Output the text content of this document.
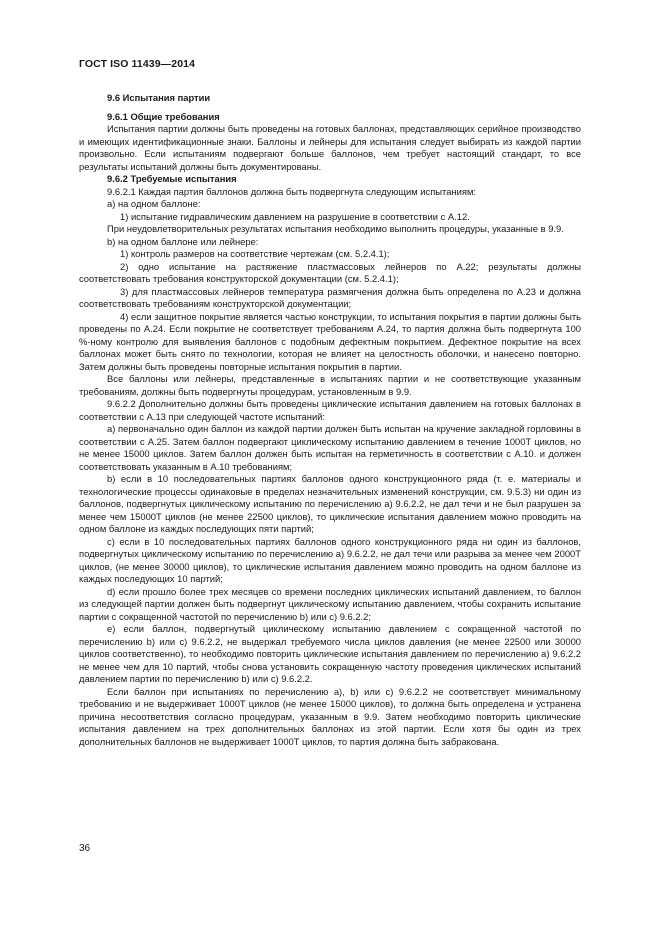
ГОСТ ISO 11439—2014

9.6 Испытания партии

9.6.1 Общие требования

Испытания партии должны быть проведены на готовых баллонах, представляющих серийное производство и имеющих идентификационные знаки. Баллоны и лейнеры для испытания следует выбирать из каждой партии произвольно. Если испытаниям подвергают больше баллонов, чем требует настоящий стандарт, то все результаты испытаний должны быть документированы.

9.6.2 Требуемые испытания

9.6.2.1 Каждая партия баллонов должна быть подвергнута следующим испытаниям:

а) на одном баллоне:

1) испытание гидравлическим давлением на разрушение в соответствии с А.12.

При неудовлетворительных результатах испытания необходимо выполнить процедуры, указанные в 9.9.

b) на одном баллоне или лейнере:

1) контроль размеров на соответствие чертежам (см. 5.2.4.1);

2) одно испытание на растяжение пластмассовых лейнеров по А.22; результаты должны соответствовать требования конструкторской документации (см. 5.2.4.1);

3) для пластмассовых лейнеров температура размягчения должна быть определена по А.23 и должна соответствовать требованиям конструкторской документации;

4) если защитное покрытие является частью конструкции, то испытания покрытия в партии должны быть проведены по А.24. Если покрытие не соответствует требованиям А.24, то партия должна быть подвергнута 100 %-ному контролю для выявления баллонов с подобным дефектным покрытием. Дефектное покрытие на всех баллонах может быть снято по технологии, которая не влияет на целостность оболочки, и нанесено повторно. Затем должны быть проведены повторные испытания покрытия в партии.

Все баллоны или лейнеры, представленные в испытаниях партии и не соответствующие указанным требованиям, должны быть подвергнуты процедурам, установленным в 9.9.

9.6.2.2 Дополнительно должны быть проведены циклические испытания давлением на готовых баллонах в соответствии с А.13 при следующей частоте испытаний:

а) первоначально один баллон из каждой партии должен быть испытан на кручение закладной горловины в соответствии с А.25. Затем баллон подвергают циклическому испытанию давлением в течение 1000T циклов, но не менее 15000 циклов. Затем баллон должен быть испытан на герметичность в соответствии с А.10. и должен соответствовать указанным в А.10 требованиям;

b) если в 10 последовательных партиях баллонов одного конструкционного ряда (т. е. материалы и технологические процессы одинаковые в пределах незначительных изменений конструкции, см. 9.5.3) ни один из баллонов, подвергнутых циклическому испытанию по перечислению а) 9.6.2.2, не дал течи и не был разрушен за менее чем 15000T циклов (не менее 22500 циклов), то циклические испытания давлением можно проводить на одном баллоне из каждых последующих пяти партий;

c) если в 10 последовательных партиях баллонов одного конструкционного ряда ни один из баллонов, подвергнутых циклическому испытанию по перечислению а) 9.6.2.2, не дал течи или разрыва за менее чем 2000T циклов, (не менее 30000 циклов), то циклические испытания давлением можно проводить на одном баллоне из каждых последующих 10 партий;

d) если прошло более трех месяцев со времени последних циклических испытаний давлением, то баллон из следующей партии должен быть подвергнут циклическому испытанию давлением, чтобы сохранить испытание партии с сокращенной частотой по перечислению b) или с) 9.6.2.2;

е) если баллон, подвергнутый циклическому испытанию давлением с сокращенной частотой по перечислению b) или с) 9.6.2.2, не выдержал требуемого числа циклов давления (не менее 22500 или 30000 циклов соответственно), то необходимо повторить циклические испытания давлением по перечислению а) 9.6.2.2 не менее чем для 10 партий, чтобы снова установить сокращенную частоту проведения циклических испытаний давлением партии по перечислению b) или с) 9.6.2.2.

Если баллон при испытаниях по перечислению а), b) или с) 9.6.2.2 не соответствует минимальному требованию и не выдерживает 1000T циклов (не менее 15000 циклов), то должна быть определена и устранена причина несоответствия согласно процедурам, указанным в 9.9. Затем необходимо повторить циклические испытания давлением на трех дополнительных баллонах из этой партии. Если хотя бы один из трех дополнительных баллонов не выдерживает 1000T циклов, то партия должна быть забракована.

36
